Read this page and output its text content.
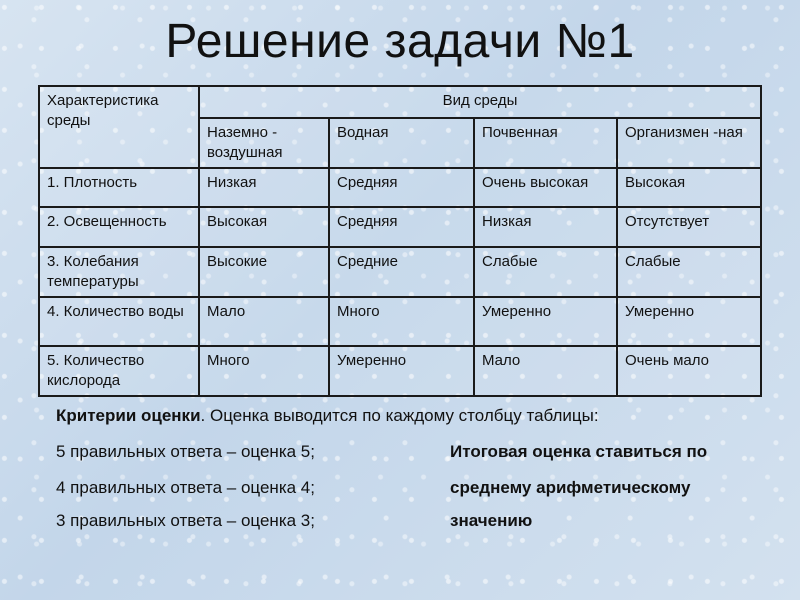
Решение задачи №1
Характеристика среды	Вид среды			
	Наземно - воздушная	Водная	Почвенная	Организмен -ная
1. Плотность	Низкая	Средняя	Очень высокая	Высокая
2. Освещенность	Высокая	Средняя	Низкая	Отсутствует
3. Колебания температуры	Высокие	Средние	Слабые	Слабые
4. Количество воды	Мало	Много	Умеренно	Умеренно
5. Количество кислорода	Много	Умеренно	Мало	Очень мало
Критерии оценки. Оценка выводится по каждому столбцу таблицы:
5 правильных ответа – оценка 5;
4 правильных ответа – оценка 4;
3 правильных ответа – оценка 3;
Итоговая оценка ставиться по
среднему арифметическому
значению
